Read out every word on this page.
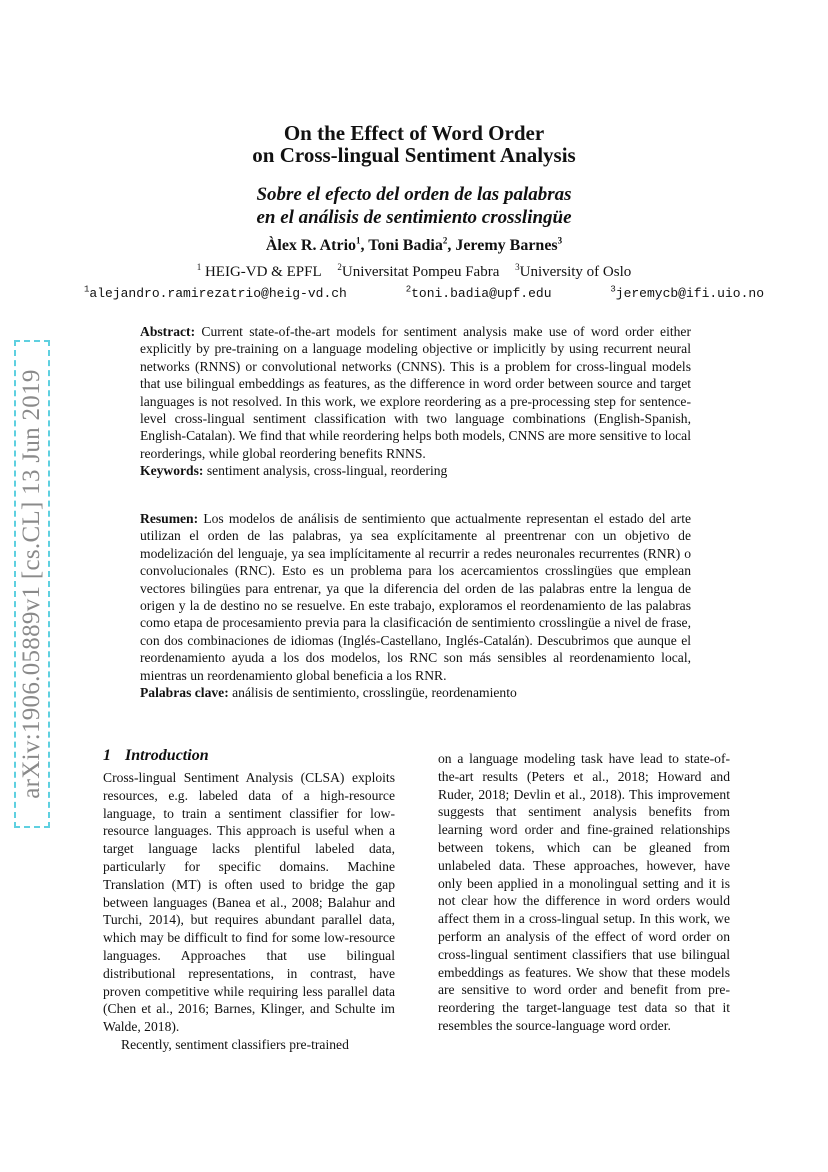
arXiv:1906.05889v1 [cs.CL] 13 Jun 2019
On the Effect of Word Order
on Cross-lingual Sentiment Analysis
Sobre el efecto del orden de las palabras
en el análisis de sentimiento crosslingüe
Àlex R. Atrio$^1$, Toni Badia$^2$, Jeremy Barnes$^3$
$^1$ HEIG-VD & EPFL $^2$Universitat Pompeu Fabra $^3$University of Oslo
$^1$alejandro.ramirezatrio@heig-vd.ch	$^2$toni.badia@upf.edu	$^3$jeremycb@ifi.uio.no

Abstract: Current state-of-the-art models for sentiment analysis make use of word order either explicitly by pre-training on a language modeling objective or implicitly by using recurrent neural networks (RNNS) or convolutional networks (CNNS). This is a problem for cross-lingual models that use bilingual embeddings as features, as the difference in word order between source and target languages is not resolved. In this work, we explore reordering as a pre-processing step for sentence-level cross-lingual sentiment classification with two language combinations (English-Spanish, English-Catalan). We find that while reordering helps both models, CNNS are more sensitive to local reorderings, while global reordering benefits RNNS.

Keywords: sentiment analysis, cross-lingual, reordering

Resumen: Los modelos de análisis de sentimiento que actualmente representan el estado del arte utilizan el orden de las palabras, ya sea explícitamente al preentrenar con un objetivo de modelización del lenguaje, ya sea implícitamente al recurrir a redes neuronales recurrentes (RNR) o convolucionales (RNC). Esto es un problema para los acercamientos crosslingües que emplean vectores bilingües para entrenar, ya que la diferencia del orden de las palabras entre la lengua de origen y la de destino no se resuelve. En este trabajo, exploramos el reordenamiento de las palabras como etapa de procesamiento previa para la clasificación de sentimiento crosslingüe a nivel de frase, con dos combinaciones de idiomas (Inglés-Castellano, Inglés-Catalán). Descubrimos que aunque el reordenamiento ayuda a los dos modelos, los RNC son más sensibles al reordenamiento local, mientras un reordenamiento global beneficia a los RNR.

Palabras clave: análisis de sentimiento, crosslingüe, reordenamiento

1 Introduction

Cross-lingual Sentiment Analysis (CLSA) exploits resources, e.g. labeled data of a high-resource language, to train a sentiment classifier for low-resource languages. This approach is useful when a target language lacks plentiful labeled data, particularly for specific domains. Machine Translation (MT) is often used to bridge the gap between languages (Banea et al., 2008; Balahur and Turchi, 2014), but requires abundant parallel data, which may be difficult to find for some low-resource languages. Approaches that use bilingual distributional representations, in contrast, have proven competitive while requiring less parallel data (Chen et al., 2016; Barnes, Klinger, and Schulte im Walde, 2018).

Recently, sentiment classifiers pre-trained

on a language modeling task have lead to state-of-the-art results (Peters et al., 2018; Howard and Ruder, 2018; Devlin et al., 2018). This improvement suggests that sentiment analysis benefits from learning word order and fine-grained relationships between tokens, which can be gleaned from unlabeled data. These approaches, however, have only been applied in a monolingual setting and it is not clear how the difference in word orders would affect them in a cross-lingual setup. In this work, we perform an analysis of the effect of word order on cross-lingual sentiment classifiers that use bilingual embeddings as features. We show that these models are sensitive to word order and benefit from pre-reordering the target-language test data so that it resembles the source-language word order.
